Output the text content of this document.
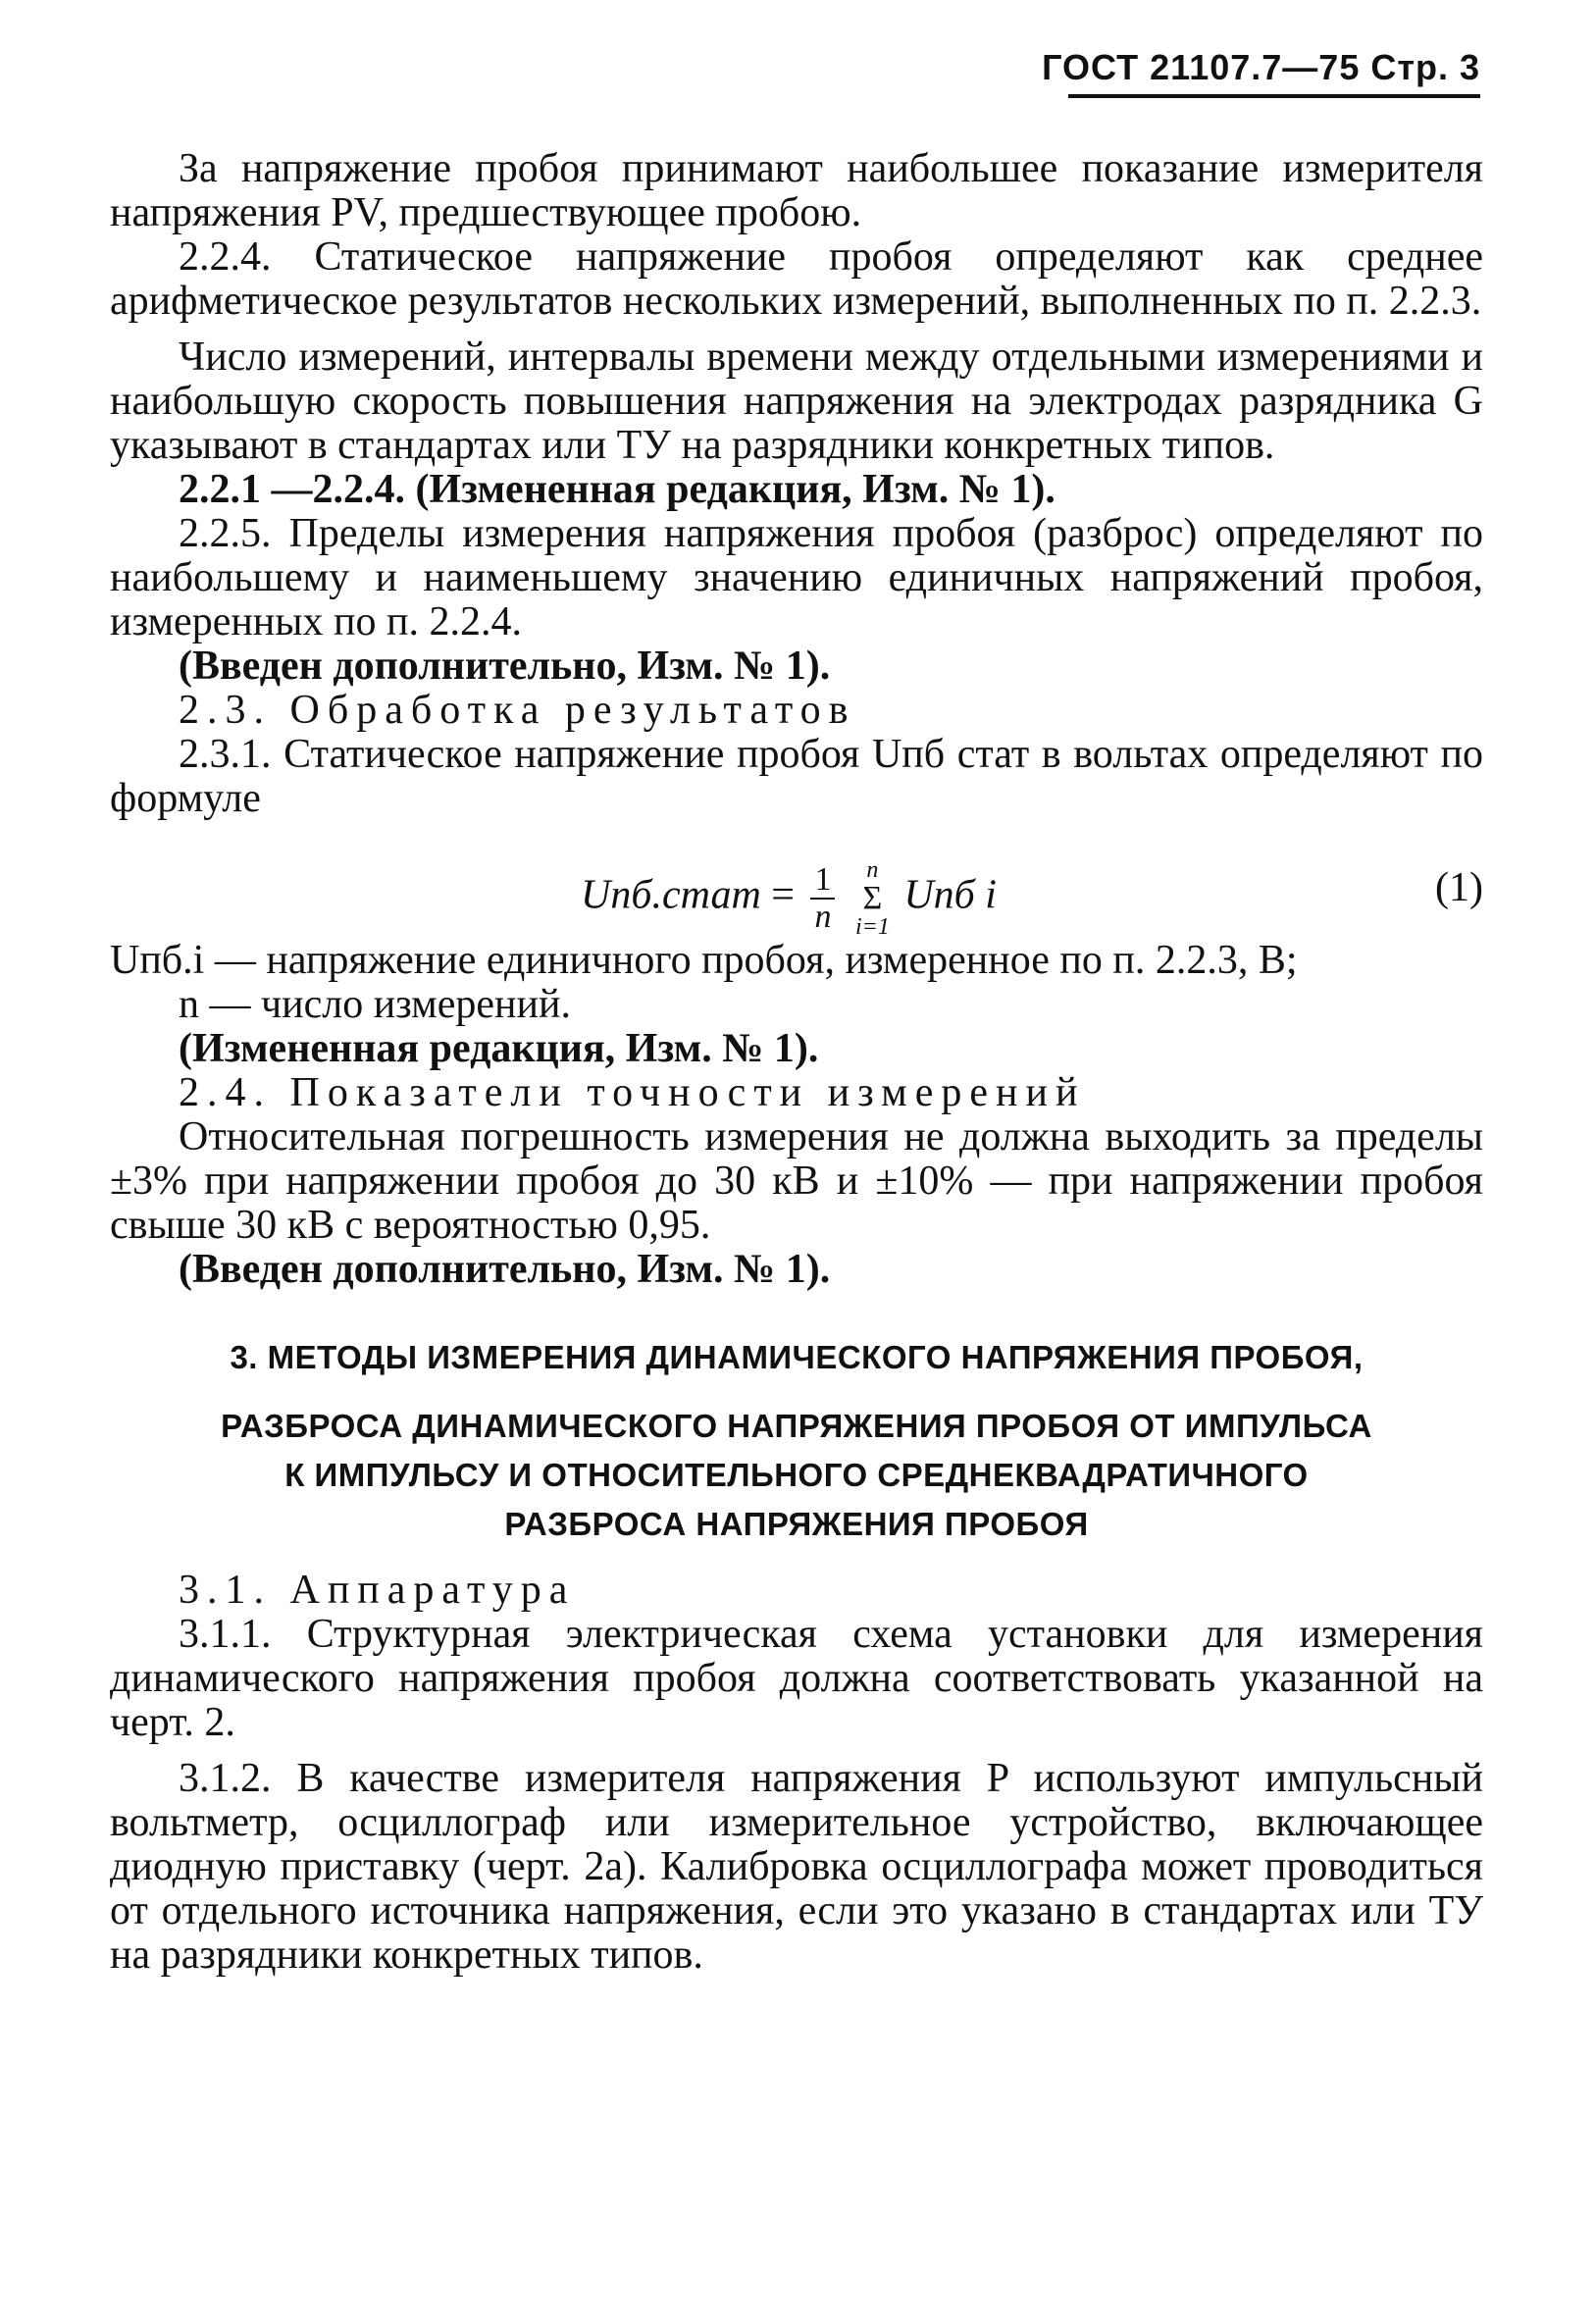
ГОСТ 21107.7—75 Стр. 3

За напряжение пробоя принимают наибольшее показание измерителя напряжения PV, предшествующее пробою.

2.2.4. Статическое напряжение пробоя определяют как среднее арифметическое результатов нескольких измерений, выполненных по п. 2.2.3.

Число измерений, интервалы времени между отдельными измерениями и наибольшую скорость повышения напряжения на электродах разрядника G указывают в стандартах или ТУ на разрядники конкретных типов.

2.2.1 —2.2.4. (Измененная редакция, Изм. № 1).

2.2.5. Пределы измерения напряжения пробоя (разброс) определяют по наибольшему и наименьшему значению единичных напряжений пробоя, измеренных по п. 2.2.4.

(Введен дополнительно, Изм. № 1).

2.3. Обработка результатов

2.3.1. Статическое напряжение пробоя Uпб стат в вольтах определяют по формуле

Uпб.стат = $\frac{1}{n}$
	n
Σ
i=1
Uпб i	(1)

Uпб.i — напряжение единичного пробоя, измеренное по п. 2.2.3, В;

n — число измерений.

(Измененная редакция, Изм. № 1).

2.4. Показатели точности измерений

Относительная погрешность измерения не должна выходить за пределы ±3% при напряжении пробоя до 30 кВ и ±10% — при напряжении пробоя свыше 30 кВ с вероятностью 0,95.

(Введен дополнительно, Изм. № 1).

3. МЕТОДЫ ИЗМЕРЕНИЯ ДИНАМИЧЕСКОГО НАПРЯЖЕНИЯ ПРОБОЯ,

РАЗБРОСА ДИНАМИЧЕСКОГО НАПРЯЖЕНИЯ ПРОБОЯ ОТ ИМПУЛЬСА

К ИМПУЛЬСУ И ОТНОСИТЕЛЬНОГО СРЕДНЕКВАДРАТИЧНОГО

РАЗБРОСА НАПРЯЖЕНИЯ ПРОБОЯ

3.1. Аппаратура

3.1.1. Структурная электрическая схема установки для измерения динамического напряжения пробоя должна соответствовать указанной на черт. 2.

3.1.2. В качестве измерителя напряжения P используют импульсный вольтметр, осциллограф или измерительное устройство, включающее диодную приставку (черт. 2а). Калибровка осциллографа может проводиться от отдельного источника напряжения, если это указано в стандартах или ТУ на разрядники конкретных типов.
